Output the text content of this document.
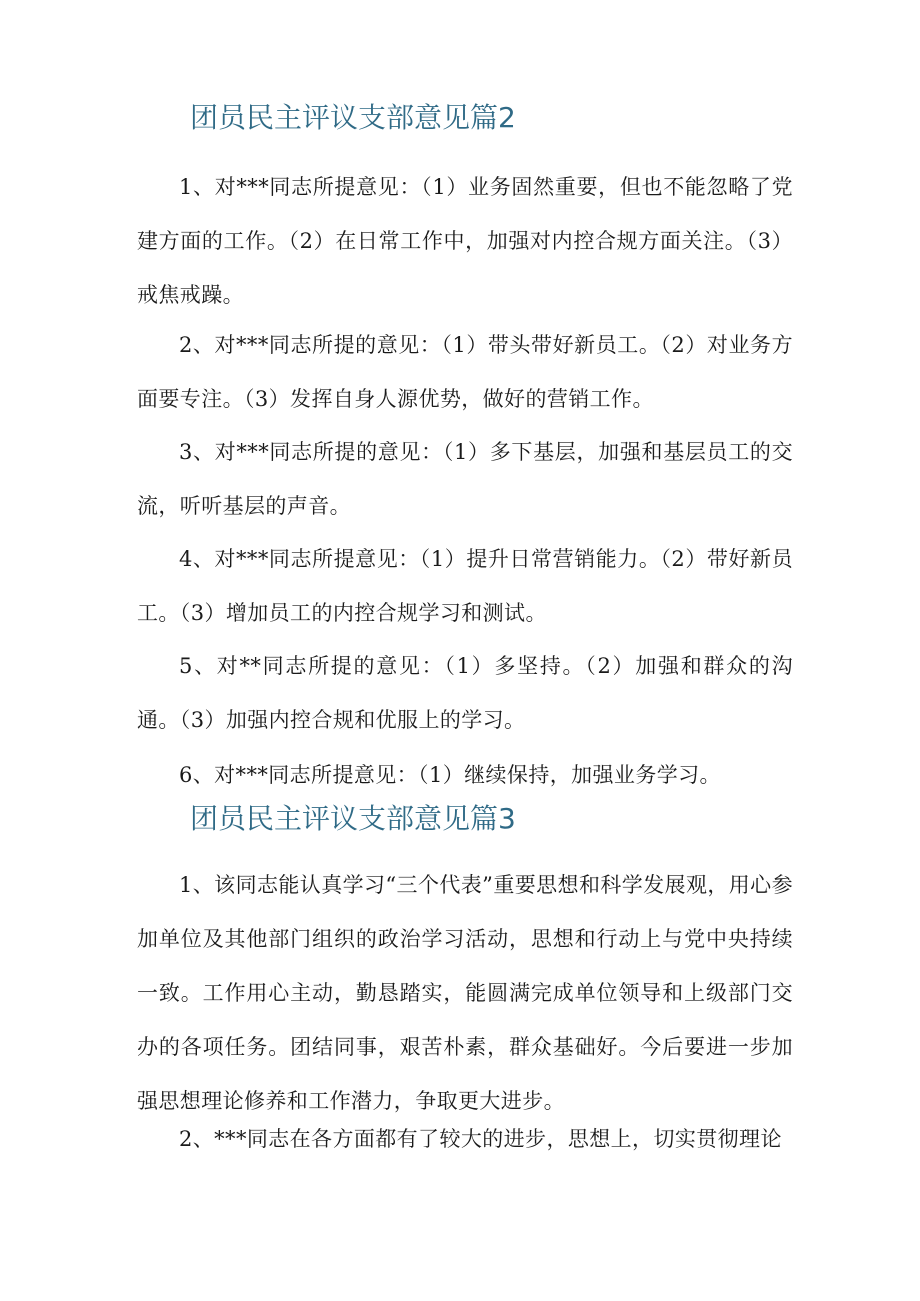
团员民主评议支部意见篇2

1、对***同志所提意见：（1）业务固然重要，但也不能忽略了党建方面的工作。（2）在日常工作中，加强对内控合规方面关注。（3）戒焦戒躁。

2、对***同志所提的意见：（1）带头带好新员工。（2）对业务方面要专注。（3）发挥自身人源优势，做好的营销工作。

3、对***同志所提的意见：（1）多下基层，加强和基层员工的交流，听听基层的声音。

4、对***同志所提意见：（1）提升日常营销能力。（2）带好新员工。（3）增加员工的内控合规学习和测试。

5、对**同志所提的意见：（1）多坚持。（2）加强和群众的沟通。（3）加强内控合规和优服上的学习。

6、对***同志所提意见：（1）继续保持，加强业务学习。

团员民主评议支部意见篇3

1、该同志能认真学习“三个代表”重要思想和科学发展观，用心参加单位及其他部门组织的政治学习活动，思想和行动上与党中央持续一致。工作用心主动，勤恳踏实，能圆满完成单位领导和上级部门交办的各项任务。团结同事，艰苦朴素，群众基础好。今后要进一步加强思想理论修养和工作潜力，争取更大进步。

2、***同志在各方面都有了较大的进步，思想上，切实贯彻理论
